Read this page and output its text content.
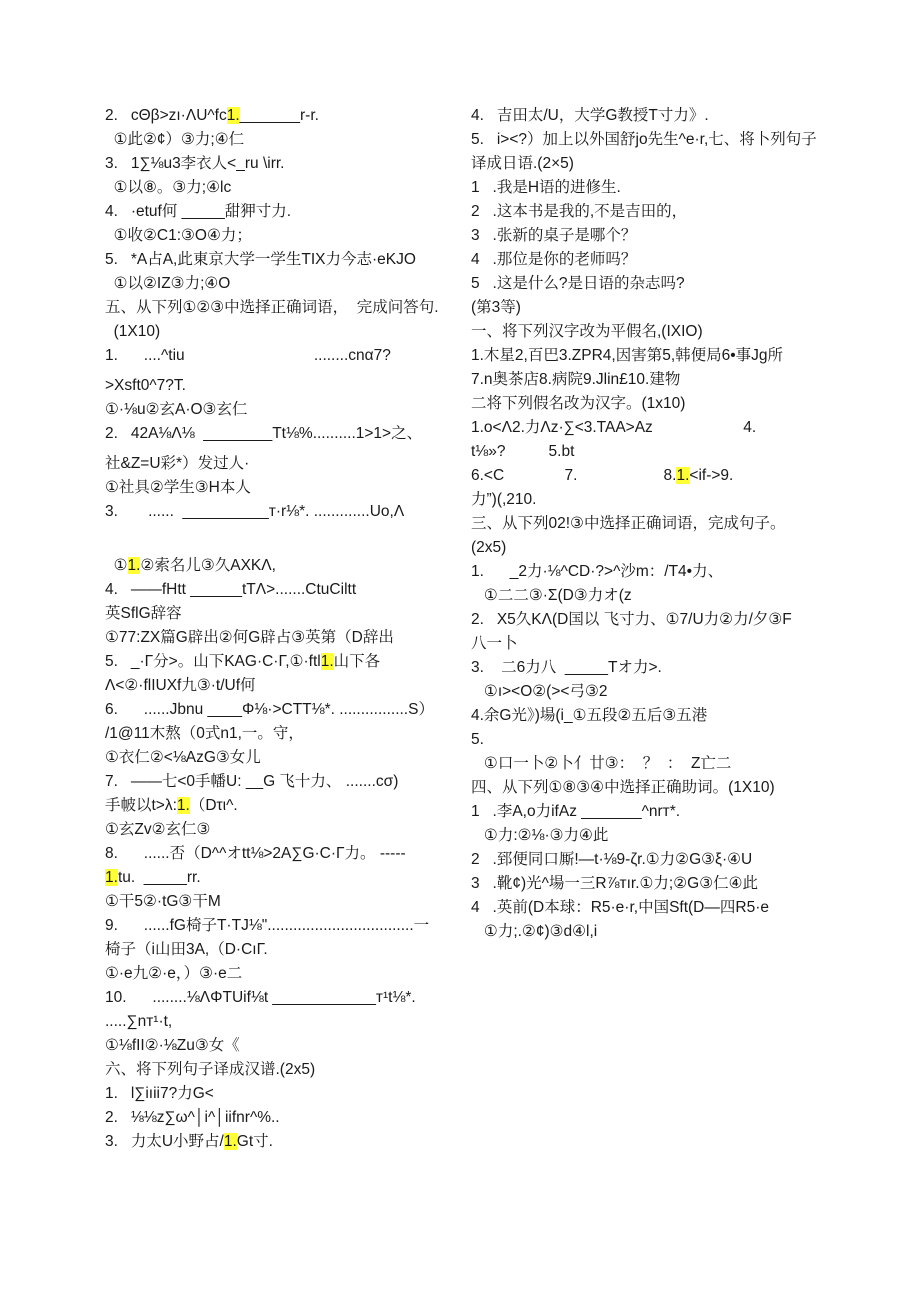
2.   cΘβ>zı·ΛU^fc1._______r-r.
①此②¢）③力;④仁
3.   1∑⅛u3李衣人<_ru \irr.
①以⑧。③力;④lc
4.   ·etuf何 _____甜狎寸力.
①收②C1:③O④力；
5.   *A占A,此東京大学一学生TIX力今志·eKJO
①以②IZ③力;④O
五、从下列①②③中选择正确词语，  完成问答句.
(1X10)
1.      ....^tiu                              ........cnα7?
>Xsft0^7?T.
①·⅛u②玄A·O③玄仁
2.   42A⅛Λ⅛  ________Tt⅛%..........1>1>之、
社&Z=U彩*）发过人·
①社具②学生③H本人
3.       ......  __________т·r⅛*. .............Uo,Λ
①1.②索名儿③久AXKΛ,
4.   ——fHtt ______tTΛ>.......CtuCiltt
英SflG辞容
①77:ZX篇G辟出②何G辟占③英第（D辞出
5.   _·Γ分>。山下KAG·C·Γ,①·ftl1.山下各
Λ<②·flIUXf九③·t/Uf何
6.      ......Jbnu ____Φ⅛·>CTT⅛*. ................S）
/1@11木熬（0式n1,一。守，
①衣仁②<⅛AzG③女儿
7.   ——七<0手幡U: __G 飞十力、 .......cσ)
手帔以t>λ:1.（Dτι^.
①玄Zv②玄仁③
8.      ......否（D^^オtt⅛>2A∑G·C·Γ力。 -----
1.tu.  _____rr.
①干5②·tG③干M
9.      ......fG椅子T·TJ⅛"..................................一
椅子（i山田3A,（D·CıΓ.
①·e九②·e，）③·e二
10.      ........⅛ΛΦTUif⅛t ____________т¹t⅛*.
.....∑nт¹·t,
①⅛fII②·⅛Zu③女《
六、将下列句子译成汉谱.(2x5)
1.   l∑iıii7?力G<
2.   ⅛⅛z∑ω^│i^│iifnr^%..
3.   力太U小野占/1.Gt寸.
4.   吉田太/U，大学G教授T寸力》.
5.   i><?）加上以外国舒jo先生^e·r,七、将卜列句子
译成日语.(2×5)
1   .我是H语的进修生.
2   .这本书是我的,不是吉田的，
3   .张新的桌子是哪个？
4   .那位是你的老师吗？
5   .这是什么?是日语的杂志吗?
(第3等)
一、将下列汉字改为平假名,(IXIO)
1.木星2,百巴3.ZPR4,因害第5,韩便局6•事Jg所
7.n奥茶店8.病院9.Jlin£10.建物
二将下列假名改为汉字。(1x10)
1.o<Λ2.力Λz·∑<3.TAA>Az                     4.
t⅛»?          5.bt
6.<C              7.                    8.1.<if->9.
力”)(,210.
三、从下列02!③中选择正确词语，完成句子。
(2x5)
1.      _2力·⅛^CD·?>^沙m：/T4•力、
①二二③·Σ(D③力オ(z
2.   X5久KΛ(D国以 飞寸力、①7/U力②力/夕③F
八一卜
3.    二6力八  _____Tオ力>.
①ı><O②(><弓③2
4.余G光》)場(i_①五段②五后③五港
5.
①口一卜②卜亻廿③：  ？  ：  Z亡二
四、从下列①⑧③④中选择正确助词。(1X10)
1   .李A,o力ifAz _______^nrт*.
①力:②⅛·③力④此
2   .郅便同口厮!—t·⅛9-ζr.①力②G③ξ·④U
3   .靴¢)光^場一三R⅞тır.①力;②G③仁④此
4   .英前(D本球：R5·e·r,中国Sft(D—四R5·e
①力;.②¢)③d④l,i
